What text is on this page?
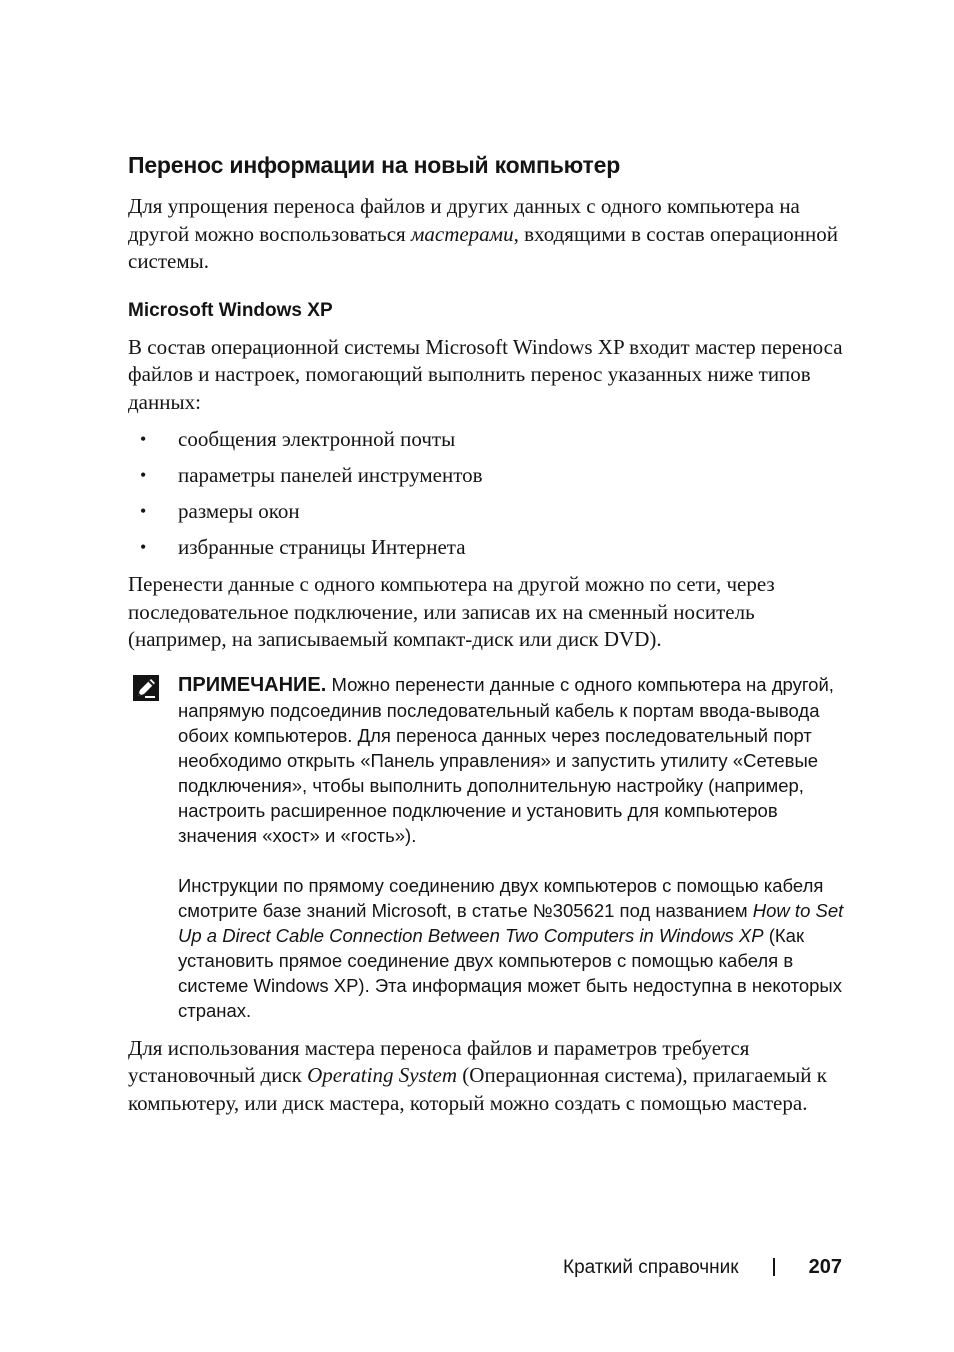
Перенос информации на новый компьютер

Для упрощения переноса файлов и других данных с одного компьютера на другой можно воспользоваться мастерами, входящими в состав операционной системы.

Microsoft Windows XP

В состав операционной системы Microsoft Windows XP входит мастер переноса файлов и настроек, помогающий выполнить перенос указанных ниже типов данных:

• сообщения электронной почты
• параметры панелей инструментов
• размеры окон
• избранные страницы Интернета

Перенести данные с одного компьютера на другой можно по сети, через последовательное подключение, или записав их на сменный носитель (например, на записываемый компакт-диск или диск DVD).

ПРИМЕЧАНИЕ. Можно перенести данные с одного компьютера на другой, напрямую подсоединив последовательный кабель к портам ввода-вывода обоих компьютеров. Для переноса данных через последовательный порт необходимо открыть «Панель управления» и запустить утилиту «Сетевые подключения», чтобы выполнить дополнительную настройку (например, настроить расширенное подключение и установить для компьютеров значения «хост» и «гость»).

Инструкции по прямому соединению двух компьютеров с помощью кабеля смотрите базе знаний Microsoft, в статье №305621 под названием How to Set Up a Direct Cable Connection Between Two Computers in Windows XP (Как установить прямое соединение двух компьютеров с помощью кабеля в системе Windows XP). Эта информация может быть недоступна в некоторых странах.

Для использования мастера переноса файлов и параметров требуется установочный диск Operating System (Операционная система), прилагаемый к компьютеру, или диск мастера, который можно создать с помощью мастера.

Краткий справочник	207
